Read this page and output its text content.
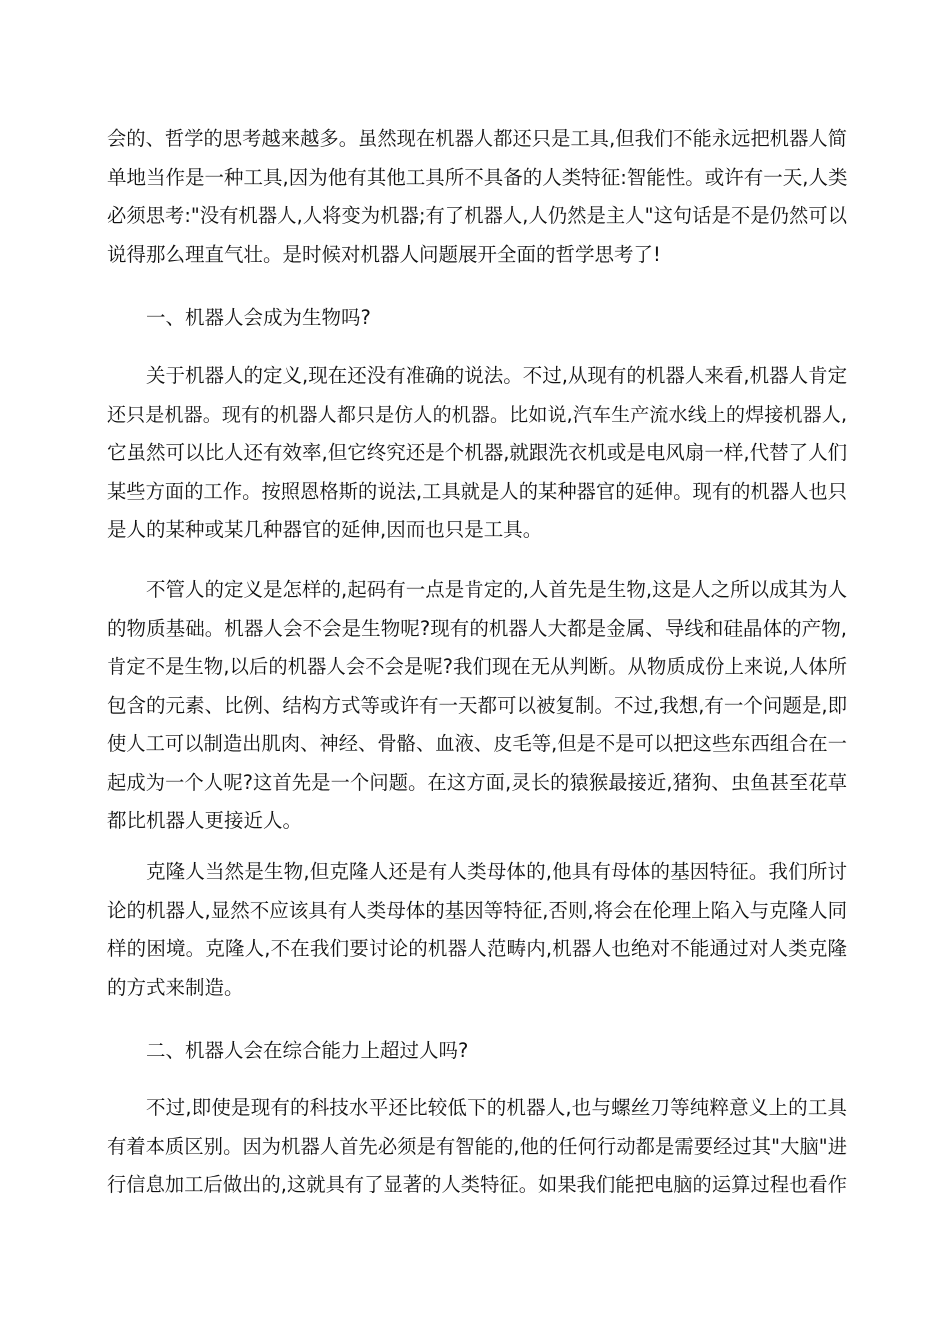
会的、哲学的思考越来越多。虽然现在机器人都还只是工具,但我们不能永远把机器人简
单地当作是一种工具,因为他有其他工具所不具备的人类特征:智能性。或许有一天,人类
必须思考:"没有机器人,人将变为机器;有了机器人,人仍然是主人"这句话是不是仍然可以
说得那么理直气壮。是时候对机器人问题展开全面的哲学思考了!
一、机器人会成为生物吗?
关于机器人的定义,现在还没有准确的说法。不过,从现有的机器人来看,机器人肯定
还只是机器。现有的机器人都只是仿人的机器。比如说,汽车生产流水线上的焊接机器人,
它虽然可以比人还有效率,但它终究还是个机器,就跟洗衣机或是电风扇一样,代替了人们
某些方面的工作。按照恩格斯的说法,工具就是人的某种器官的延伸。现有的机器人也只
是人的某种或某几种器官的延伸,因而也只是工具。
不管人的定义是怎样的,起码有一点是肯定的,人首先是生物,这是人之所以成其为人
的物质基础。机器人会不会是生物呢?现有的机器人大都是金属、导线和硅晶体的产物,
肯定不是生物,以后的机器人会不会是呢?我们现在无从判断。从物质成份上来说,人体所
包含的元素、比例、结构方式等或许有一天都可以被复制。不过,我想,有一个问题是,即
使人工可以制造出肌肉、神经、骨骼、血液、皮毛等,但是不是可以把这些东西组合在一
起成为一个人呢?这首先是一个问题。在这方面,灵长的猿猴最接近,猪狗、虫鱼甚至花草
都比机器人更接近人。
克隆人当然是生物,但克隆人还是有人类母体的,他具有母体的基因特征。我们所讨
论的机器人,显然不应该具有人类母体的基因等特征,否则,将会在伦理上陷入与克隆人同
样的困境。克隆人,不在我们要讨论的机器人范畴内,机器人也绝对不能通过对人类克隆
的方式来制造。
二、机器人会在综合能力上超过人吗?
不过,即使是现有的科技水平还比较低下的机器人,也与螺丝刀等纯粹意义上的工具
有着本质区别。因为机器人首先必须是有智能的,他的任何行动都是需要经过其"大脑"进
行信息加工后做出的,这就具有了显著的人类特征。如果我们能把电脑的运算过程也看作
